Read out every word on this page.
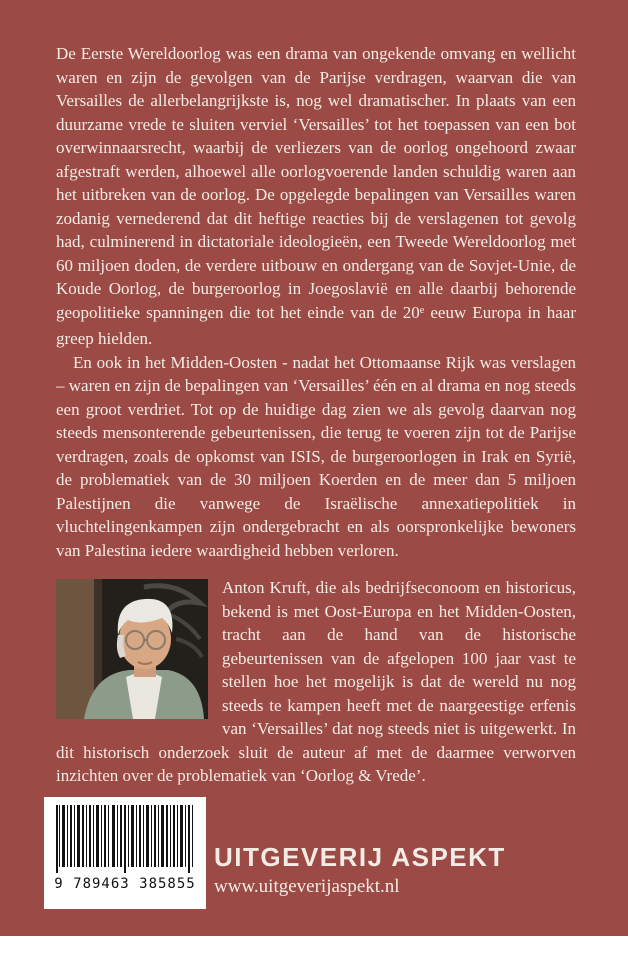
De Eerste Wereldoorlog was een drama van ongekende omvang en wellicht waren en zijn de gevolgen van de Parijse verdragen, waarvan die van Versailles de allerbelangrijkste is, nog wel dramatischer. In plaats van een duurzame vrede te sluiten verviel ‘Versailles’ tot het toepassen van een bot overwinnaarsrecht, waarbij de verliezers van de oorlog ongehoord zwaar afgestraft werden, alhoewel alle oorlogvoerende landen schuldig waren aan het uitbreken van de oorlog. De opgelegde bepalingen van Versailles waren zodanig vernederend dat dit heftige reacties bij de verslagenen tot gevolg had, culminerend in dictatoriale ideologieën, een Tweede Wereldoorlog met 60 miljoen doden, de verdere uitbouw en ondergang van de Sovjet-Unie, de Koude Oorlog, de burgeroorlog in Joegoslavië en alle daarbij behorende geopolitieke spanningen die tot het einde van de 20e eeuw Europa in haar greep hielden.

En ook in het Midden-Oosten - nadat het Ottomaanse Rijk was verslagen – waren en zijn de bepalingen van ‘Versailles’ één en al drama en nog steeds een groot verdriet. Tot op de huidige dag zien we als gevolg daarvan nog steeds mensonterende gebeurtenissen, die terug te voeren zijn tot de Parijse verdragen, zoals de opkomst van ISIS, de burgeroorlogen in Irak en Syrië, de problematiek van de 30 miljoen Koerden en de meer dan 5 miljoen Palestijnen die vanwege de Israëlische annexatiepolitiek in vluchtelingenkampen zijn ondergebracht en als oorspronkelijke bewoners van Palestina iedere waardigheid hebben verloren.

Anton Kruft, die als bedrijfseconoom en historicus, bekend is met Oost-Europa en het Midden-Oosten, tracht aan de hand van de historische gebeurtenissen van de afgelopen 100 jaar vast te stellen hoe het mogelijk is dat de wereld nu nog steeds te kampen heeft met de naargeestige erfenis van ‘Versailles’ dat nog steeds niet is uitgewerkt. In dit historisch onderzoek sluit de auteur af met de daarmee verworven inzichten over de problematiek van ‘Oorlog & Vrede’.

9 789463 385855
UITGEVERIJ ASPEKT
www.uitgeverijaspekt.nl
